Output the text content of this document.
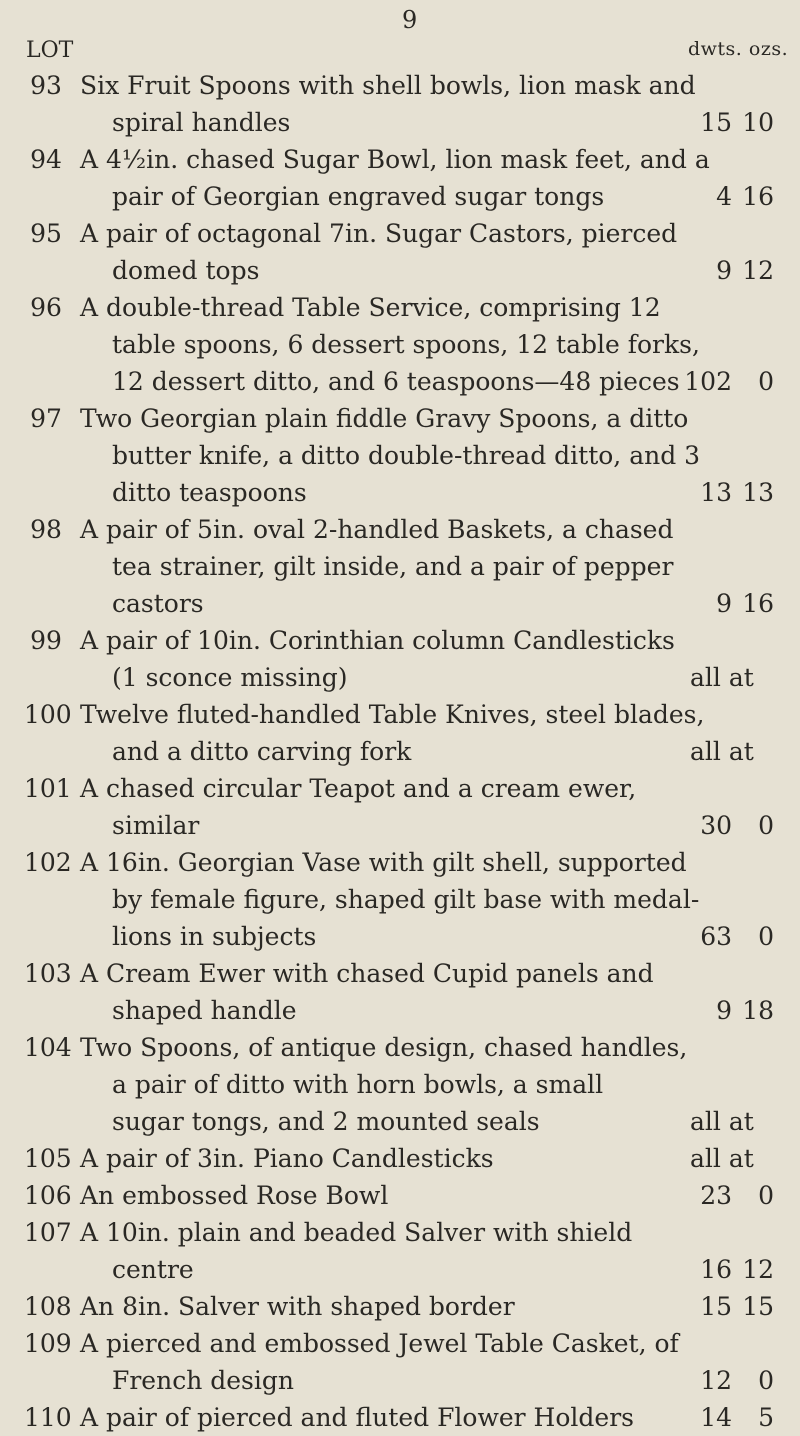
9
LOT	dwts. ozs.
93 Six Fruit Spoons with shell bowls, lion mask and
spiral handles	15 10
94 A 4½in. chased Sugar Bowl, lion mask feet, and a
pair of Georgian engraved sugar tongs	4 16
95 A pair of octagonal 7in. Sugar Castors, pierced
domed tops	9 12
96 A double-thread Table Service, comprising 12
table spoons, 6 dessert spoons, 12 table forks,
12 dessert ditto, and 6 teaspoons—48 pieces 102 0
97 Two Georgian plain fiddle Gravy Spoons, a ditto
butter knife, a ditto double-thread ditto, and 3
ditto teaspoons	13 13
98 A pair of 5in. oval 2-handled Baskets, a chased
tea strainer, gilt inside, and a pair of pepper
castors	9 16
99 A pair of 10in. Corinthian column Candlesticks
(1 sconce missing)	all at
100 Twelve fluted-handled Table Knives, steel blades,
and a ditto carving fork	all at
101 A chased circular Teapot and a cream ewer,
similar	30 0
102 A 16in. Georgian Vase with gilt shell, supported
by female figure, shaped gilt base with medal-
lions in subjects	63 0
103 A Cream Ewer with chased Cupid panels and
shaped handle	9 18
104 Two Spoons, of antique design, chased handles,
a pair of ditto with horn bowls, a small
sugar tongs, and 2 mounted seals	all at
105 A pair of 3in. Piano Candlesticks	all at
106 An embossed Rose Bowl	23 0
107 A 10in. plain and beaded Salver with shield
centre	16 12
108 An 8in. Salver with shaped border	15 15
109 A pierced and embossed Jewel Table Casket, of
French design	12 0
110 A pair of pierced and fluted Flower Holders	14 5
